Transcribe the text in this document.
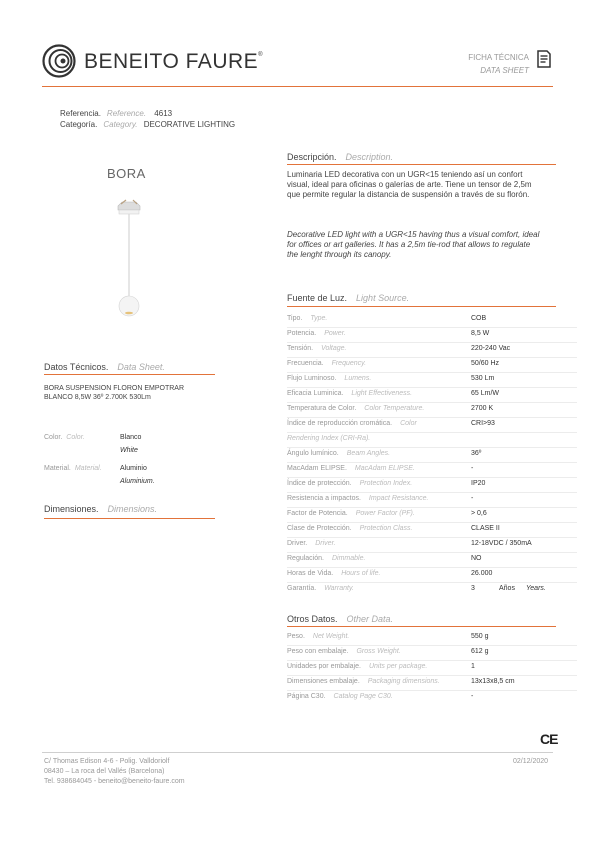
BENEITO FAURE®	FICHA TÉCNICA
DATA SHEET
Referencia. Reference. 4613
Categoría. Category. DECORATIVE LIGHTING
BORA
Descripción. Description.
Luminaria LED decorativa con un UGR<15 teniendo así un confort
visual, ideal para oficinas o galerías de arte. Tiene un tensor de 2,5m
que permite regular la distancia de suspensión a través de su florón.
Decorative LED light with a UGR<15 having thus a visual comfort, ideal
for offices or art galleries. It has a 2,5m tie-rod that allows to regulate
the lenght through its canopy.
Fuente de Luz. Light Source.
Tipo. Type.	COB
Potencia. Power.	8,5 W
Tensión. Voltage.	220-240 Vac
Frecuencia. Frequency.	50/60 Hz
Flujo Luminoso. Lumens.	530 Lm
Eficacia Luminica. Light Effectiveness.	65 Lm/W
Temperatura de Color. Color Temperature.	2700 K
Índice de reproducción cromática. Color	CRI>93
Rendering Index (CRI-Ra).
Ángulo lumínico. Beam Angles.	36º
MacAdam ELIPSE. MacAdam ELIPSE.	-
Índice de protección. Protection Index.	IP20
Resistencia a impactos. Impact Resistance.	-
Factor de Potencia. Power Factor (PF).	> 0,6
Clase de Protección. Protection Class.	CLASE II
Driver. Driver.	12-18VDC / 350mA
Regulación. Dimmable.	NO
Horas de Vida. Hours of life.	26.000
Garantía. Warranty.	3	Años Years.
Otros Datos. Other Data.
Peso. Net Weight.	550 g
Peso con embalaje. Gross Weight.	612 g
Unidades por embalaje. Units per package.	1
Dimensiones embalaje. Packaging dimensions.	13x13x8,5 cm
Página C30. Catalog Page C30.	-
Datos Técnicos. Data Sheet.
BORA SUSPENSION FLORON EMPOTRAR
BLANCO 8,5W 36º 2.700K 530Lm
Color. Color.	Blanco
White
Material. Material.	Aluminio
Aluminium.
Dimensiones. Dimensions.
CE
C/ Thomas Edison 4-6 - Polig. Valldoriolf
08430 – La roca del Vallés (Barcelona)
Tel. 938684045 - beneito@beneito-faure.com
02/12/2020
